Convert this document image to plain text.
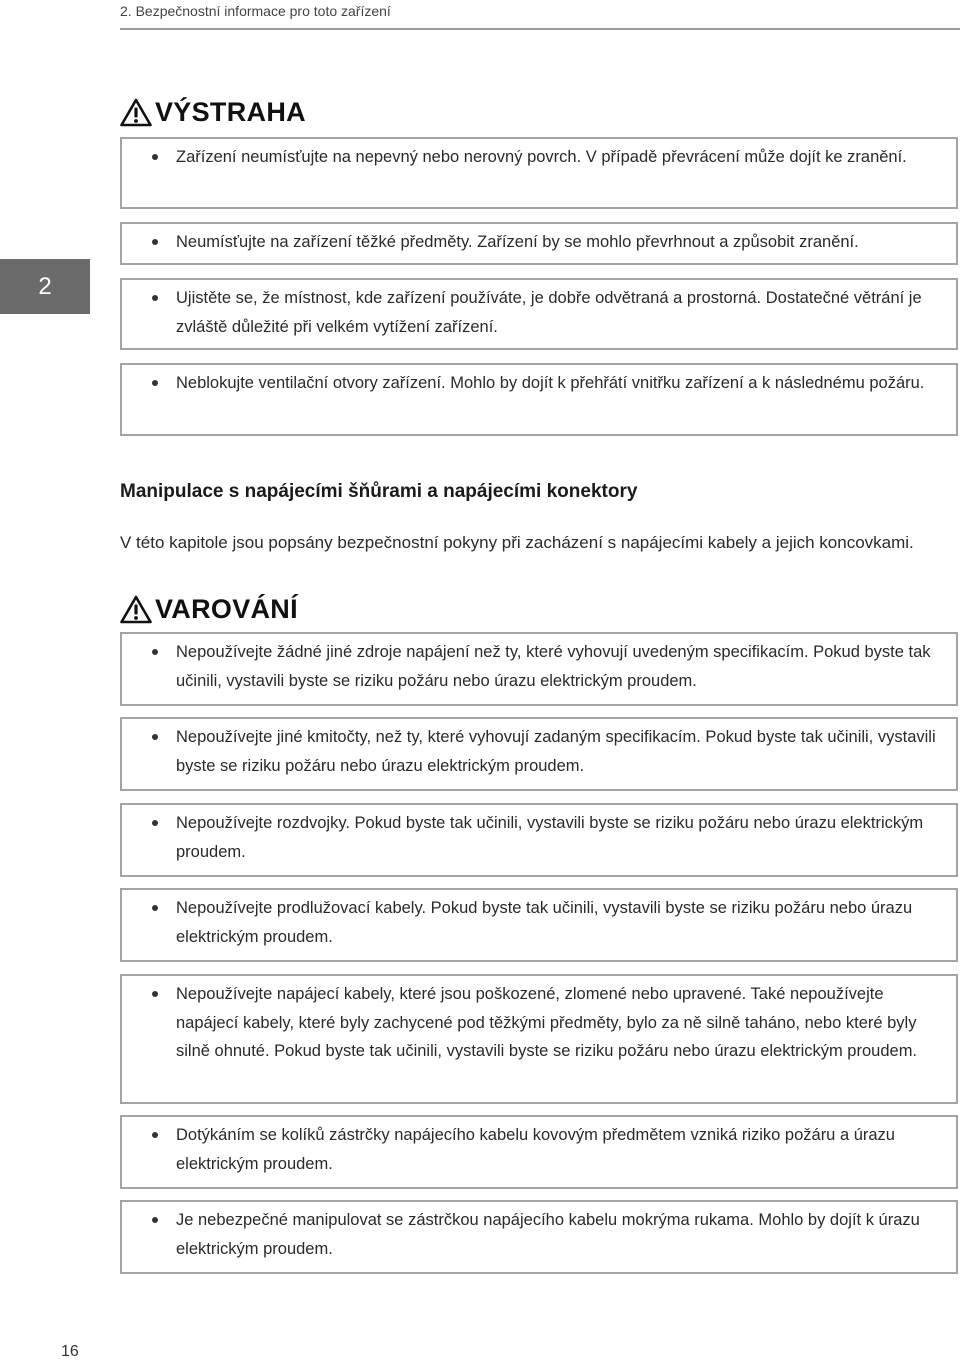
2. Bezpečnostní informace pro toto zařízení
2
VÝSTRAHA

Zařízení neumísťujte na nepevný nebo nerovný povrch. V případě převrácení může dojít ke zranění.

Neumísťujte na zařízení těžké předměty. Zařízení by se mohlo převrhnout a způsobit zranění.

Ujistěte se, že místnost, kde zařízení používáte, je dobře odvětraná a prostorná. Dostatečné větrání je zvláště důležité při velkém vytížení zařízení.

Neblokujte ventilační otvory zařízení. Mohlo by dojít k přehřátí vnitřku zařízení a k následnému požáru.

Manipulace s napájecími šňůrami a napájecími konektory

V této kapitole jsou popsány bezpečnostní pokyny při zacházení s napájecími kabely a jejich koncovkami.

VAROVÁNÍ

Nepoužívejte žádné jiné zdroje napájení než ty, které vyhovují uvedeným specifikacím. Pokud byste tak učinili, vystavili byste se riziku požáru nebo úrazu elektrickým proudem.

Nepoužívejte jiné kmitočty, než ty, které vyhovují zadaným specifikacím. Pokud byste tak učinili, vystavili byste se riziku požáru nebo úrazu elektrickým proudem.

Nepoužívejte rozdvojky. Pokud byste tak učinili, vystavili byste se riziku požáru nebo úrazu elektrickým proudem.

Nepoužívejte prodlužovací kabely. Pokud byste tak učinili, vystavili byste se riziku požáru nebo úrazu elektrickým proudem.

Nepoužívejte napájecí kabely, které jsou poškozené, zlomené nebo upravené. Také nepoužívejte napájecí kabely, které byly zachycené pod těžkými předměty, bylo za ně silně taháno, nebo které byly silně ohnuté. Pokud byste tak učinili, vystavili byste se riziku požáru nebo úrazu elektrickým proudem.

Dotýkáním se kolíků zástrčky napájecího kabelu kovovým předmětem vzniká riziko požáru a úrazu elektrickým proudem.

Je nebezpečné manipulovat se zástrčkou napájecího kabelu mokrýma rukama. Mohlo by dojít k úrazu elektrickým proudem.

16
